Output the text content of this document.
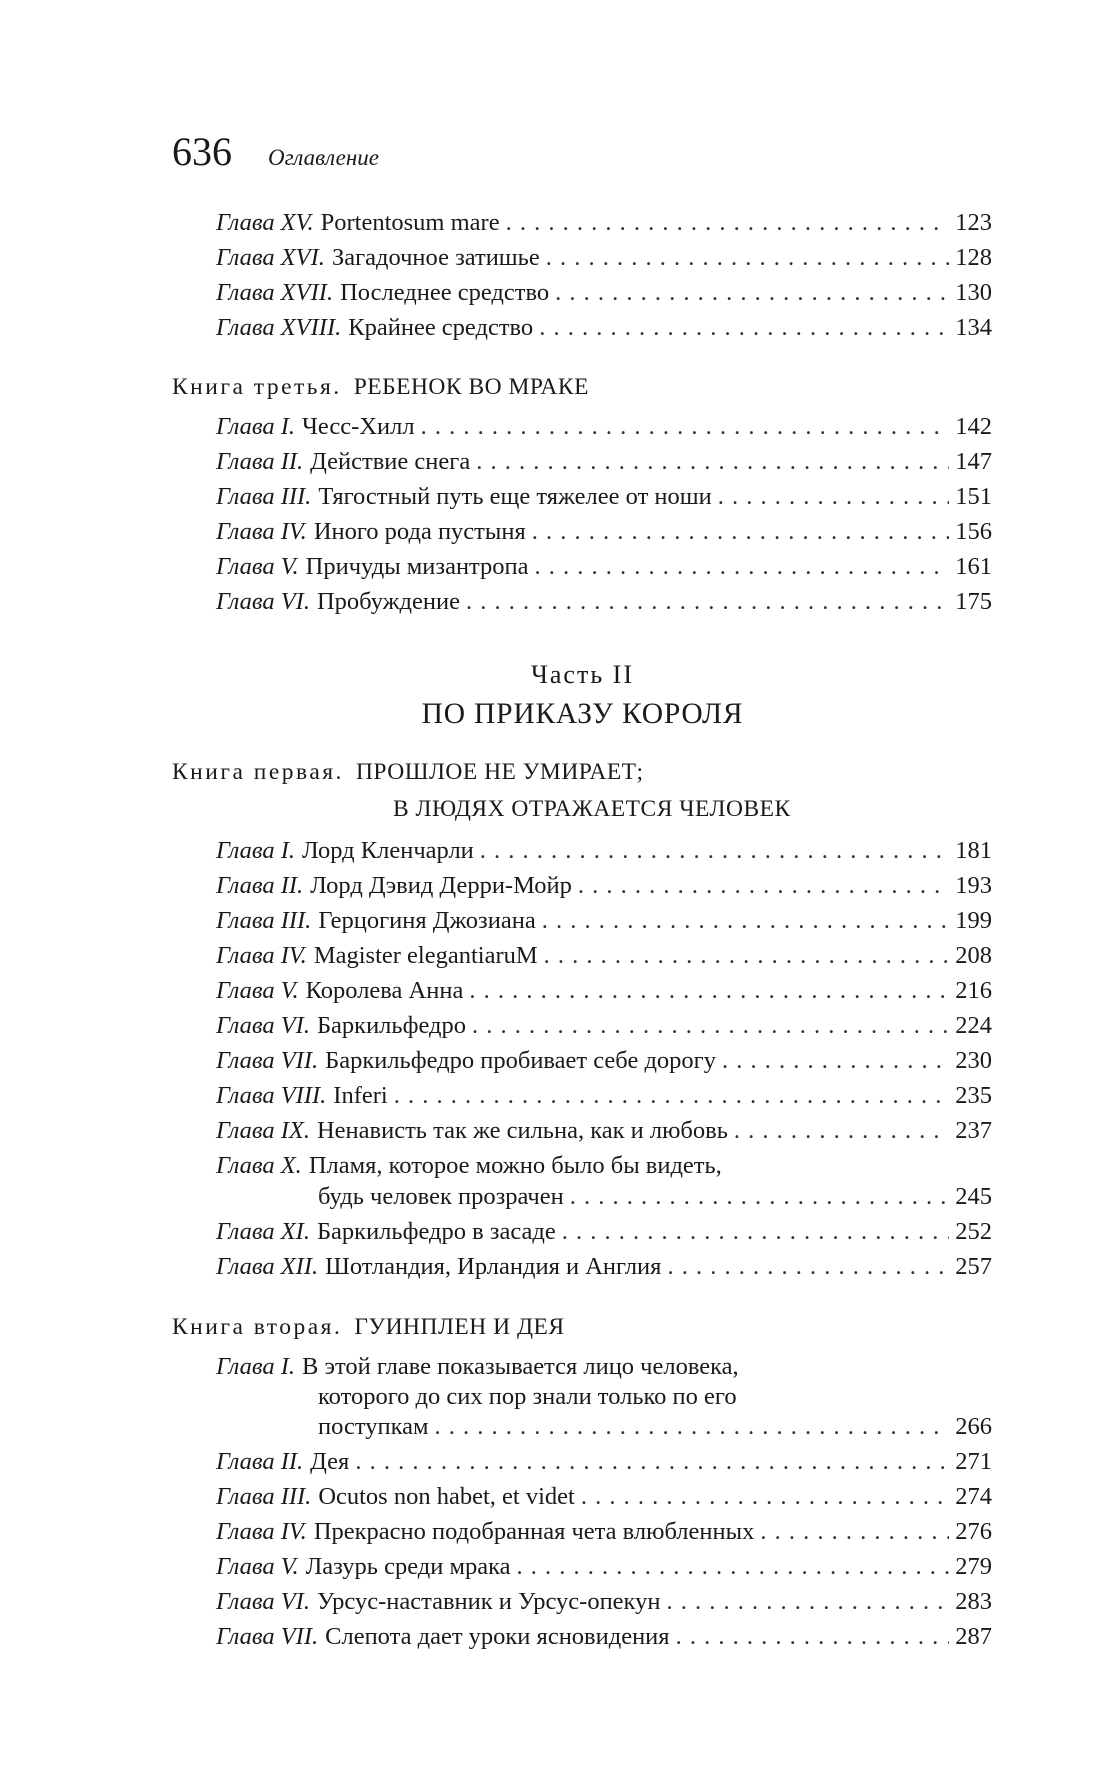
636 Оглавление
Глава XV. Portentosum mare . . .	123
Глава XVI. Загадочное затишье . . .	128
Глава XVII. Последнее средство . . .	130
Глава XVIII. Крайнее средство . . .	134
Книга третья. РЕБЕНОК ВО МРАКЕ
Глава I. Чесс-Хилл . . .	142
Глава II. Действие снега . . .	147
Глава III. Тягостный путь еще тяжелее от ноши . . .	151
Глава IV. Иного рода пустыня . . .	156
Глава V. Причуды мизантропа . . .	161
Глава VI. Пробуждение . . .	175
Часть II
ПО ПРИКАЗУ КОРОЛЯ
Книга первая. ПРОШЛОЕ НЕ УМИРАЕТ;
В ЛЮДЯХ ОТРАЖАЕТСЯ ЧЕЛОВЕК
Глава I. Лорд Кленчарли . . .	181
Глава II. Лорд Дэвид Дерри-Мойр . . .	193
Глава III. Герцогиня Джозиана . . .	199
Глава IV. Magister elegantiaruM . . .	208
Глава V. Королева Анна . . .	216
Глава VI. Баркильфедро . . .	224
Глава VII. Баркильфедро пробивает себе дорогу . . .	230
Глава VIII. Inferi . . .	235
Глава IX. Ненависть так же сильна, как и любовь . . .	237
Глава X. Пламя, которое можно было бы видеть,
будь человек прозрачен . . .	245
Глава XI. Баркильфедро в засаде . . .	252
Глава XII. Шотландия, Ирландия и Англия . . .	257
Книга вторая. ГУИНПЛЕН И ДЕЯ
Глава I. В этой главе показывается лицо человека,
которого до сих пор знали только по его
поступкам . . .	266
Глава II. Дея . . .	271
Глава III. Ocutos non habet, et videt . . .	274
Глава IV. Прекрасно подобранная чета влюбленных . . .	276
Глава V. Лазурь среди мрака . . .	279
Глава VI. Урсус-наставник и Урсус-опекун . . .	283
Глава VII. Слепота дает уроки ясновидения . . .	287
